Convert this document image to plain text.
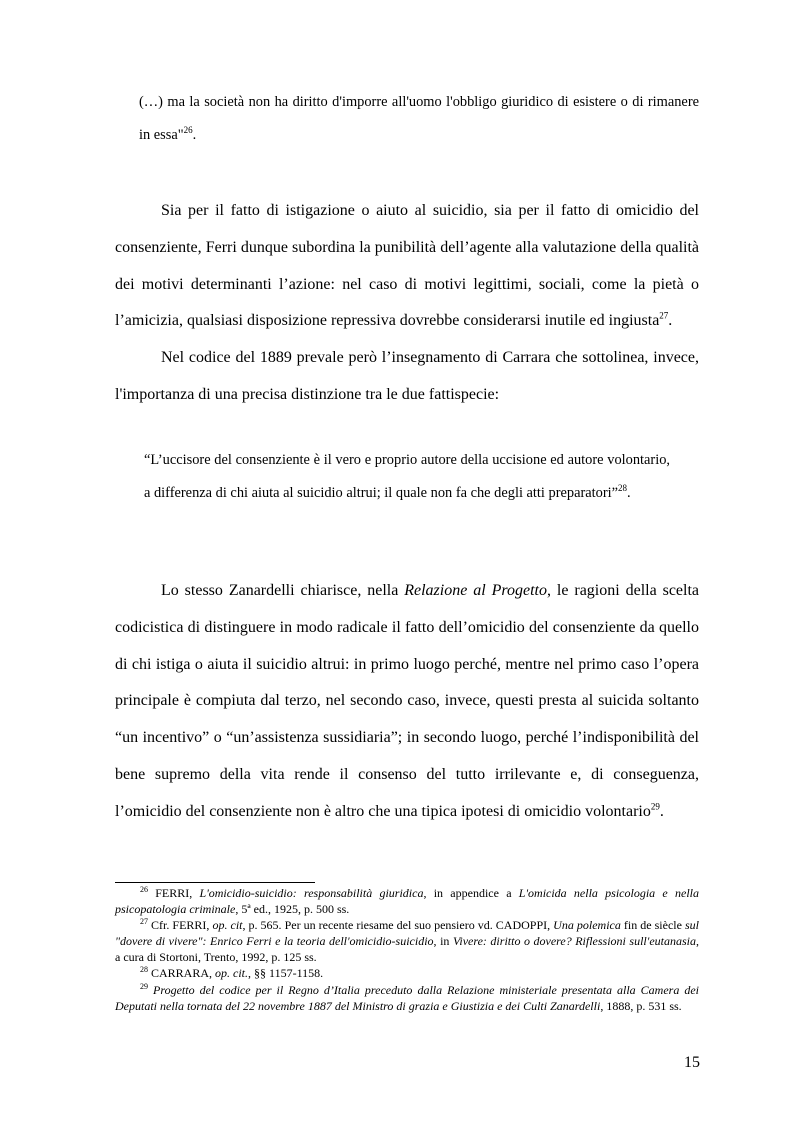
(…) ma la società non ha diritto d'imporre all'uomo l'obbligo giuridico di esistere o di rimanere in essa"$^{26}$.

Sia per il fatto di istigazione o aiuto al suicidio, sia per il fatto di omicidio del consenziente, Ferri dunque subordina la punibilità dell’agente alla valutazione della qualità dei motivi determinanti l’azione: nel caso di motivi legittimi, sociali, come la pietà o l’amicizia, qualsiasi disposizione repressiva dovrebbe considerarsi inutile ed ingiusta$^{27}$.

Nel codice del 1889 prevale però l’insegnamento di Carrara che sottolinea, invece, l'importanza di una precisa distinzione tra le due fattispecie:

“L’uccisore del consenziente è il vero e proprio autore della uccisione ed autore volontario, a differenza di chi aiuta al suicidio altrui; il quale non fa che degli atti preparatori”$^{28}$.

Lo stesso Zanardelli chiarisce, nella Relazione al Progetto, le ragioni della scelta codicistica di distinguere in modo radicale il fatto dell’omicidio del consenziente da quello di chi istiga o aiuta il suicidio altrui: in primo luogo perché, mentre nel primo caso l’opera principale è compiuta dal terzo, nel secondo caso, invece, questi presta al suicida soltanto “un incentivo” o “un’assistenza sussidiaria”; in secondo luogo, perché l’indisponibilità del bene supremo della vita rende il consenso del tutto irrilevante e, di conseguenza, l’omicidio del consenziente non è altro che una tipica ipotesi di omicidio volontario$^{29}$.

$^{26}$ FERRI, L'omicidio-suicidio: responsabilità giuridica, in appendice a L'omicida nella psicologia e nella psicopatologia criminale, 5ª ed., 1925, p. 500 ss.

$^{27}$ Cfr. FERRI, op. cit, p. 565. Per un recente riesame del suo pensiero vd. CADOPPI, Una polemica fin de siècle sul "dovere di vivere": Enrico Ferri e la teoria dell'omicidio-suicidio, in Vivere: diritto o dovere? Riflessioni sull'eutanasia, a cura di Stortoni, Trento, 1992, p. 125 ss.

$^{28}$ CARRARA, op. cit., §§ 1157-1158.

$^{29}$ Progetto del codice per il Regno d’Italia preceduto dalla Relazione ministeriale presentata alla Camera dei Deputati nella tornata del 22 novembre 1887 del Ministro di grazia e Giustizia e dei Culti Zanardelli, 1888, p. 531 ss.

15
